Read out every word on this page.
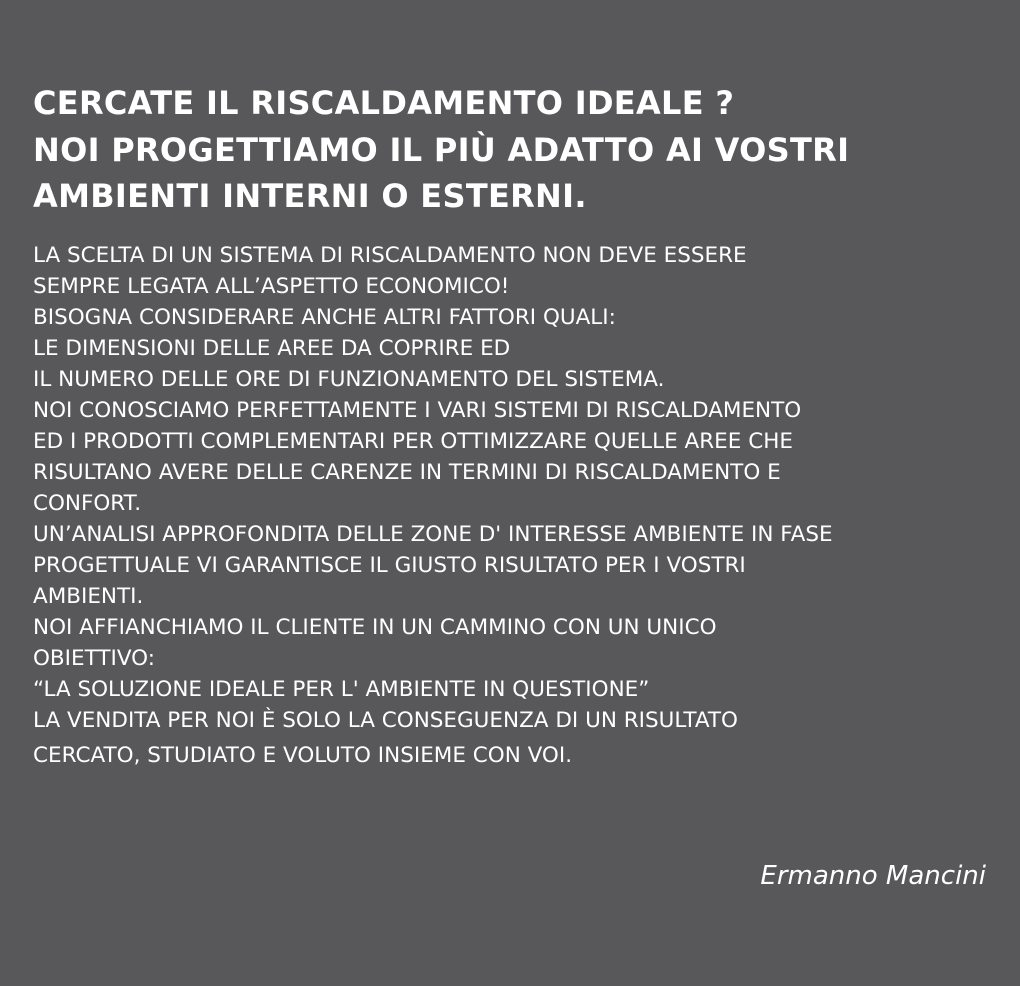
CERCATE IL RISCALDAMENTO IDEALE ?
NOI PROGETTIAMO IL PIÙ ADATTO AI VOSTRI
AMBIENTI INTERNI O ESTERNI.
LA SCELTA DI UN SISTEMA DI RISCALDAMENTO NON DEVE ESSERE
SEMPRE LEGATA ALL’ASPETTO ECONOMICO!
BISOGNA CONSIDERARE ANCHE ALTRI FATTORI QUALI:
LE DIMENSIONI DELLE AREE DA COPRIRE ED
IL NUMERO DELLE ORE DI FUNZIONAMENTO DEL SISTEMA.
NOI CONOSCIAMO PERFETTAMENTE I VARI SISTEMI DI RISCALDAMENTO
ED I PRODOTTI COMPLEMENTARI PER OTTIMIZZARE QUELLE AREE CHE
RISULTANO AVERE DELLE CARENZE IN TERMINI DI RISCALDAMENTO E
CONFORT.
UN’ANALISI APPROFONDITA DELLE ZONE D' INTERESSE AMBIENTE IN FASE
PROGETTUALE VI GARANTISCE IL GIUSTO RISULTATO PER I VOSTRI
AMBIENTI.
NOI AFFIANCHIAMO IL CLIENTE IN UN CAMMINO CON UN UNICO
OBIETTIVO:
“LA SOLUZIONE IDEALE PER L' AMBIENTE IN QUESTIONE”
LA VENDITA PER NOI È SOLO LA CONSEGUENZA DI UN RISULTATO
CERCATO, STUDIATO E VOLUTO INSIEME CON VOI.

Ermanno Mancini
